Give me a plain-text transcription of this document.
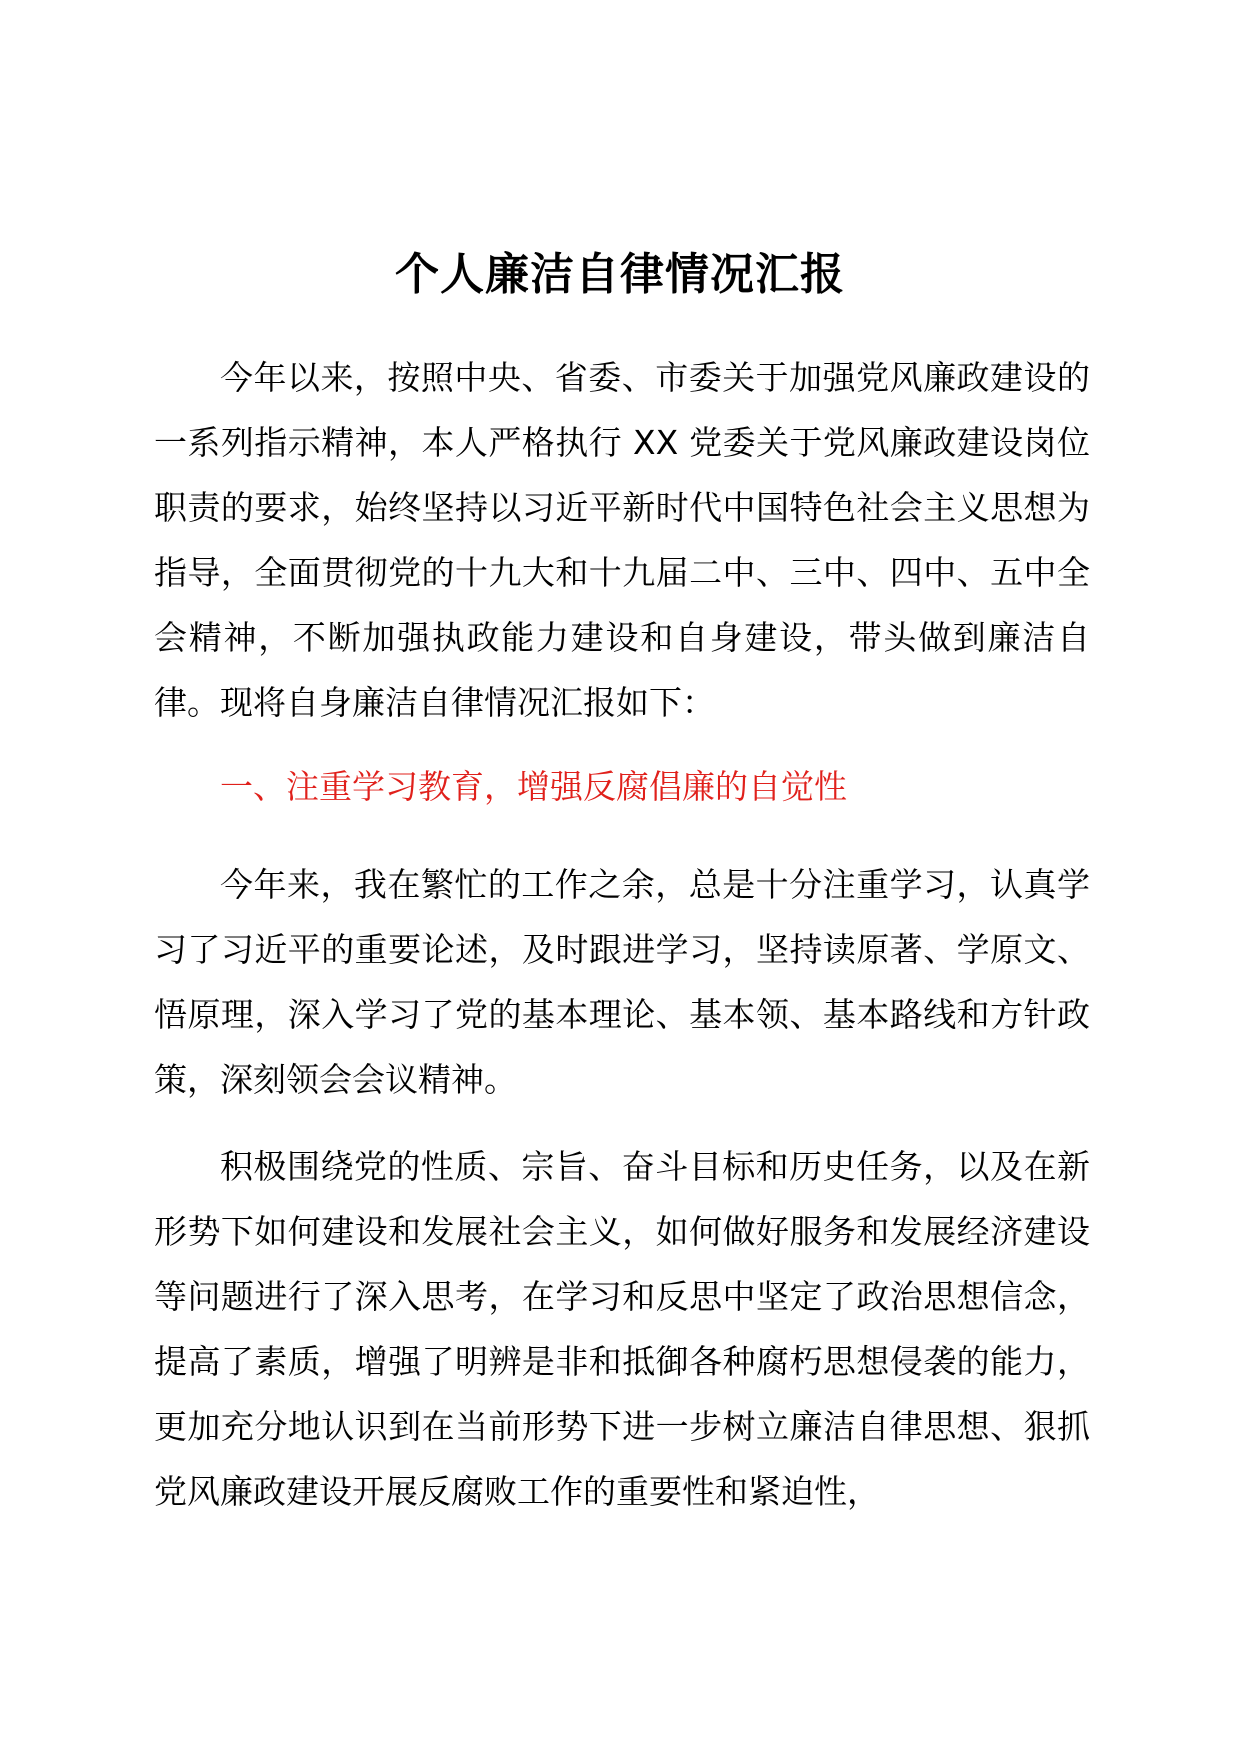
个人廉洁自律情况汇报

今年以来，按照中央、省委、市委关于加强党风廉政建设的一系列指示精神，本人严格执行 XX 党委关于党风廉政建设岗位职责的要求，始终坚持以习近平新时代中国特色社会主义思想为指导，全面贯彻党的十九大和十九届二中、三中、四中、五中全会精神，不断加强执政能力建设和自身建设，带头做到廉洁自律。现将自身廉洁自律情况汇报如下：

一、注重学习教育，增强反腐倡廉的自觉性

今年来，我在繁忙的工作之余，总是十分注重学习，认真学习了习近平的重要论述，及时跟进学习，坚持读原著、学原文、悟原理，深入学习了党的基本理论、基本领、基本路线和方针政策，深刻领会会议精神。

积极围绕党的性质、宗旨、奋斗目标和历史任务，以及在新形势下如何建设和发展社会主义，如何做好服务和发展经济建设等问题进行了深入思考，在学习和反思中坚定了政治思想信念，提高了素质，增强了明辨是非和抵御各种腐朽思想侵袭的能力，更加充分地认识到在当前形势下进一步树立廉洁自律思想、狠抓党风廉政建设开展反腐败工作的重要性和紧迫性，
